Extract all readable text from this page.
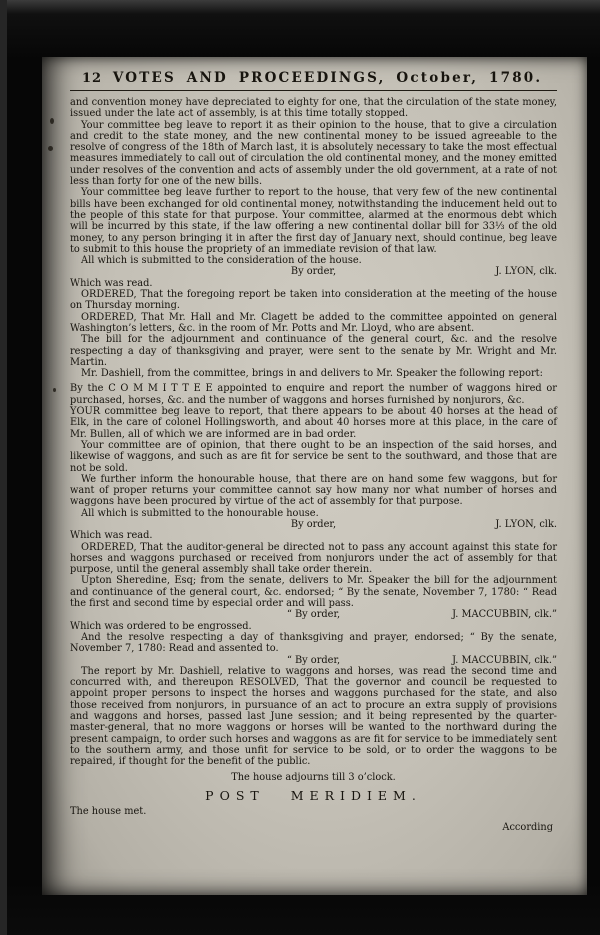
12 VOTES AND PROCEEDINGS, October, 1780.

and convention money have depreciated to eighty for one, that the circulation of the state money, issued under the late act of assembly, is at this time totally stopped.

Your committee beg leave to report it as their opinion to the house, that to give a circulation and credit to the state money, and the new continental money to be issued agreeable to the resolve of congress of the 18th of March last, it is absolutely necessary to take the most effectual measures immediately to call out of circulation the old continental money, and the money emitted under resolves of the convention and acts of assembly under the old government, at a rate of not less than forty for one of the new bills.

Your committee beg leave further to report to the house, that very few of the new continental bills have been exchanged for old continental money, notwithstanding the inducement held out to the people of this state for that purpose. Your committee, alarmed at the enormous debt which will be incurred by this state, if the law offering a new continental dollar bill for 33⅓ of the old money, to any person bringing it in after the first day of January next, should continue, beg leave to submit to this house the propriety of an immediate revision of that law.

All which is submitted to the consideration of the house.

By order,	J. LYON, clk.

Which was read.

ORDERED, That the foregoing report be taken into consideration at the meeting of the house on Thursday morning.

ORDERED, That Mr. Hall and Mr. Clagett be added to the committee appointed on general Washington’s letters, &c. in the room of Mr. Potts and Mr. Lloyd, who are absent.

The bill for the adjournment and continuance of the general court, &c. and the resolve respecting a day of thanksgiving and prayer, were sent to the senate by Mr. Wright and Mr. Martin.

Mr. Dashiell, from the committee, brings in and delivers to Mr. Speaker the following report:

By the C O M M I T T E E appointed to enquire and report the number of waggons hired or purchased, horses, &c. and the number of waggons and horses furnished by nonjurors, &c.

YOUR committee beg leave to report, that there appears to be about 40 horses at the head of Elk, in the care of colonel Hollingsworth, and about 40 horses more at this place, in the care of Mr. Bullen, all of which we are informed are in bad order.

Your committee are of opinion, that there ought to be an inspection of the said horses, and likewise of waggons, and such as are fit for service be sent to the southward, and those that are not be sold.

We further inform the honourable house, that there are on hand some few waggons, but for want of proper returns your committee cannot say how many nor what number of horses and waggons have been procured by virtue of the act of assembly for that purpose.

All which is submitted to the honourable house.

By order,	J. LYON, clk.

Which was read.

ORDERED, That the auditor-general be directed not to pass any account against this state for horses and waggons purchased or received from nonjurors under the act of assembly for that purpose, until the general assembly shall take order therein.

Upton Sheredine, Esq; from the senate, delivers to Mr. Speaker the bill for the adjournment and continuance of the general court, &c. endorsed; “ By the senate, November 7, 1780: “ Read the first and second time by especial order and will pass.

“ By order,	J. MACCUBBIN, clk.”

Which was ordered to be engrossed.

And the resolve respecting a day of thanksgiving and prayer, endorsed; “ By the senate, November 7, 1780: Read and assented to.

“ By order,	J. MACCUBBIN, clk.”

The report by Mr. Dashiell, relative to waggons and horses, was read the second time and concurred with, and thereupon RESOLVED, That the governor and council be requested to appoint proper persons to inspect the horses and waggons purchased for the state, and also those received from nonjurors, in pursuance of an act to procure an extra supply of provisions and waggons and horses, passed last June session; and it being represented by the quarter-master-general, that no more waggons or horses will be wanted to the northward during the present campaign, to order such horses and waggons as are fit for service to be immediately sent to the southern army, and those unfit for service to be sold, or to order the waggons to be repaired, if thought for the benefit of the public.

The house adjourns till 3 o’clock.

POST MERIDIEM.

The house met.

According
